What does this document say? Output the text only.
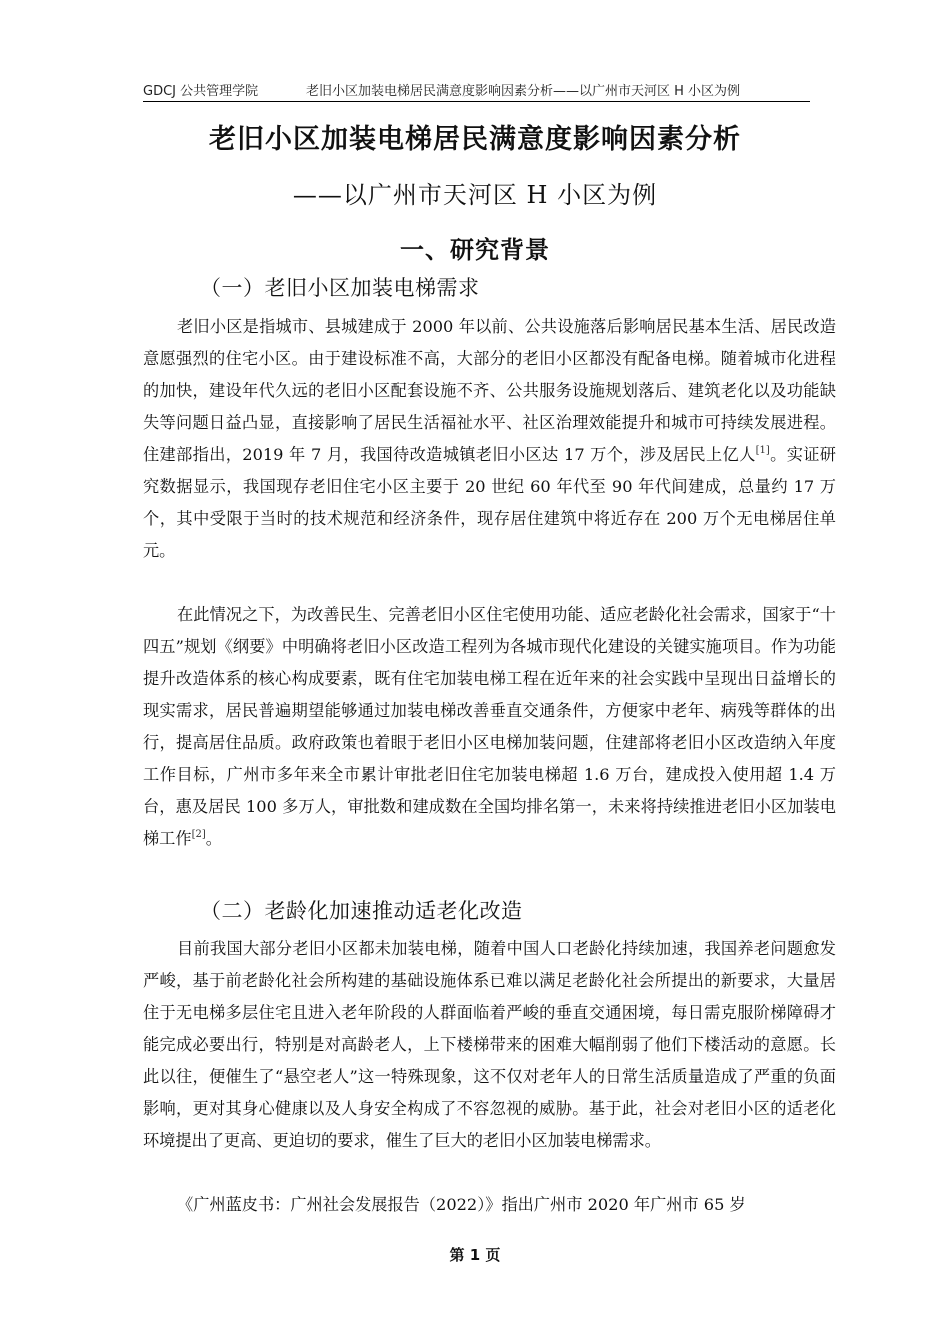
GDCJ 公共管理学院	老旧小区加装电梯居民满意度影响因素分析——以广州市天河区 H 小区为例
老旧小区加装电梯居民满意度影响因素分析
——以广州市天河区 H 小区为例
一、研究背景
（一）老旧小区加装电梯需求

老旧小区是指城市、县城建成于 2000 年以前、公共设施落后影响居民基本生活、居民改造意愿强烈的住宅小区。由于建设标准不高，大部分的老旧小区都没有配备电梯。随着城市化进程的加快，建设年代久远的老旧小区配套设施不齐、公共服务设施规划落后、建筑老化以及功能缺失等问题日益凸显，直接影响了居民生活福祉水平、社区治理效能提升和城市可持续发展进程。住建部指出，2019 年 7 月，我国待改造城镇老旧小区达 17 万个，涉及居民上亿人[1]。实证研究数据显示，我国现存老旧住宅小区主要于 20 世纪 60 年代至 90 年代间建成，总量约 17 万个，其中受限于当时的技术规范和经济条件，现存居住建筑中将近存在 200 万个无电梯居住单元。

在此情况之下，为改善民生、完善老旧小区住宅使用功能、适应老龄化社会需求，国家于“十四五”规划《纲要》中明确将老旧小区改造工程列为各城市现代化建设的关键实施项目。作为功能提升改造体系的核心构成要素，既有住宅加装电梯工程在近年来的社会实践中呈现出日益增长的现实需求，居民普遍期望能够通过加装电梯改善垂直交通条件，方便家中老年、病残等群体的出行，提高居住品质。政府政策也着眼于老旧小区电梯加装问题，住建部将老旧小区改造纳入年度工作目标，广州市多年来全市累计审批老旧住宅加装电梯超 1.6 万台，建成投入使用超 1.4 万台，惠及居民 100 多万人，审批数和建成数在全国均排名第一，未来将持续推进老旧小区加装电梯工作[2]。

（二）老龄化加速推动适老化改造

目前我国大部分老旧小区都未加装电梯，随着中国人口老龄化持续加速，我国养老问题愈发严峻，基于前老龄化社会所构建的基础设施体系已难以满足老龄化社会所提出的新要求，大量居住于无电梯多层住宅且进入老年阶段的人群面临着严峻的垂直交通困境，每日需克服阶梯障碍才能完成必要出行，特别是对高龄老人，上下楼梯带来的困难大幅削弱了他们下楼活动的意愿。长此以往，便催生了“悬空老人”这一特殊现象，这不仅对老年人的日常生活质量造成了严重的负面影响，更对其身心健康以及人身安全构成了不容忽视的威胁。基于此，社会对老旧小区的适老化环境提出了更高、更迫切的要求，催生了巨大的老旧小区加装电梯需求。

《广州蓝皮书：广州社会发展报告（2022）》指出广州市 2020 年广州市 65 岁

第 1 页
